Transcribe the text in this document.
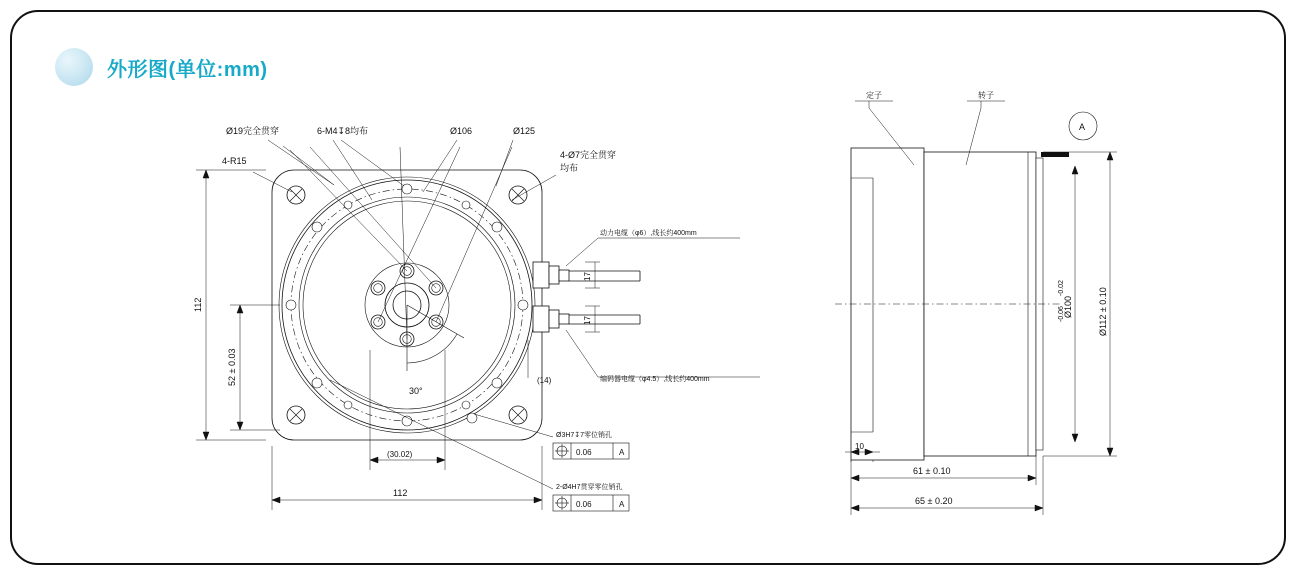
外形图(单位:mm)
30°
17
17
(14)
4-R15
Ø19完全贯穿	6-M4↧8均布	Ø106	Ø125
4-Ø7完全贯穿
均布
动力电缆（φ6）,线长约400mm
编码器电缆（φ4.5）,线长约400mm
Ø3H7↧7零位销孔
0.06	A
2-Ø4H7贯穿零位销孔
0.06	A
112
52 ± 0.03
(30.02)
112
A
定子	转子
Ø100
-0.02
-0.06	Ø112 ± 0.10
10
61 ± 0.10
65 ± 0.20
